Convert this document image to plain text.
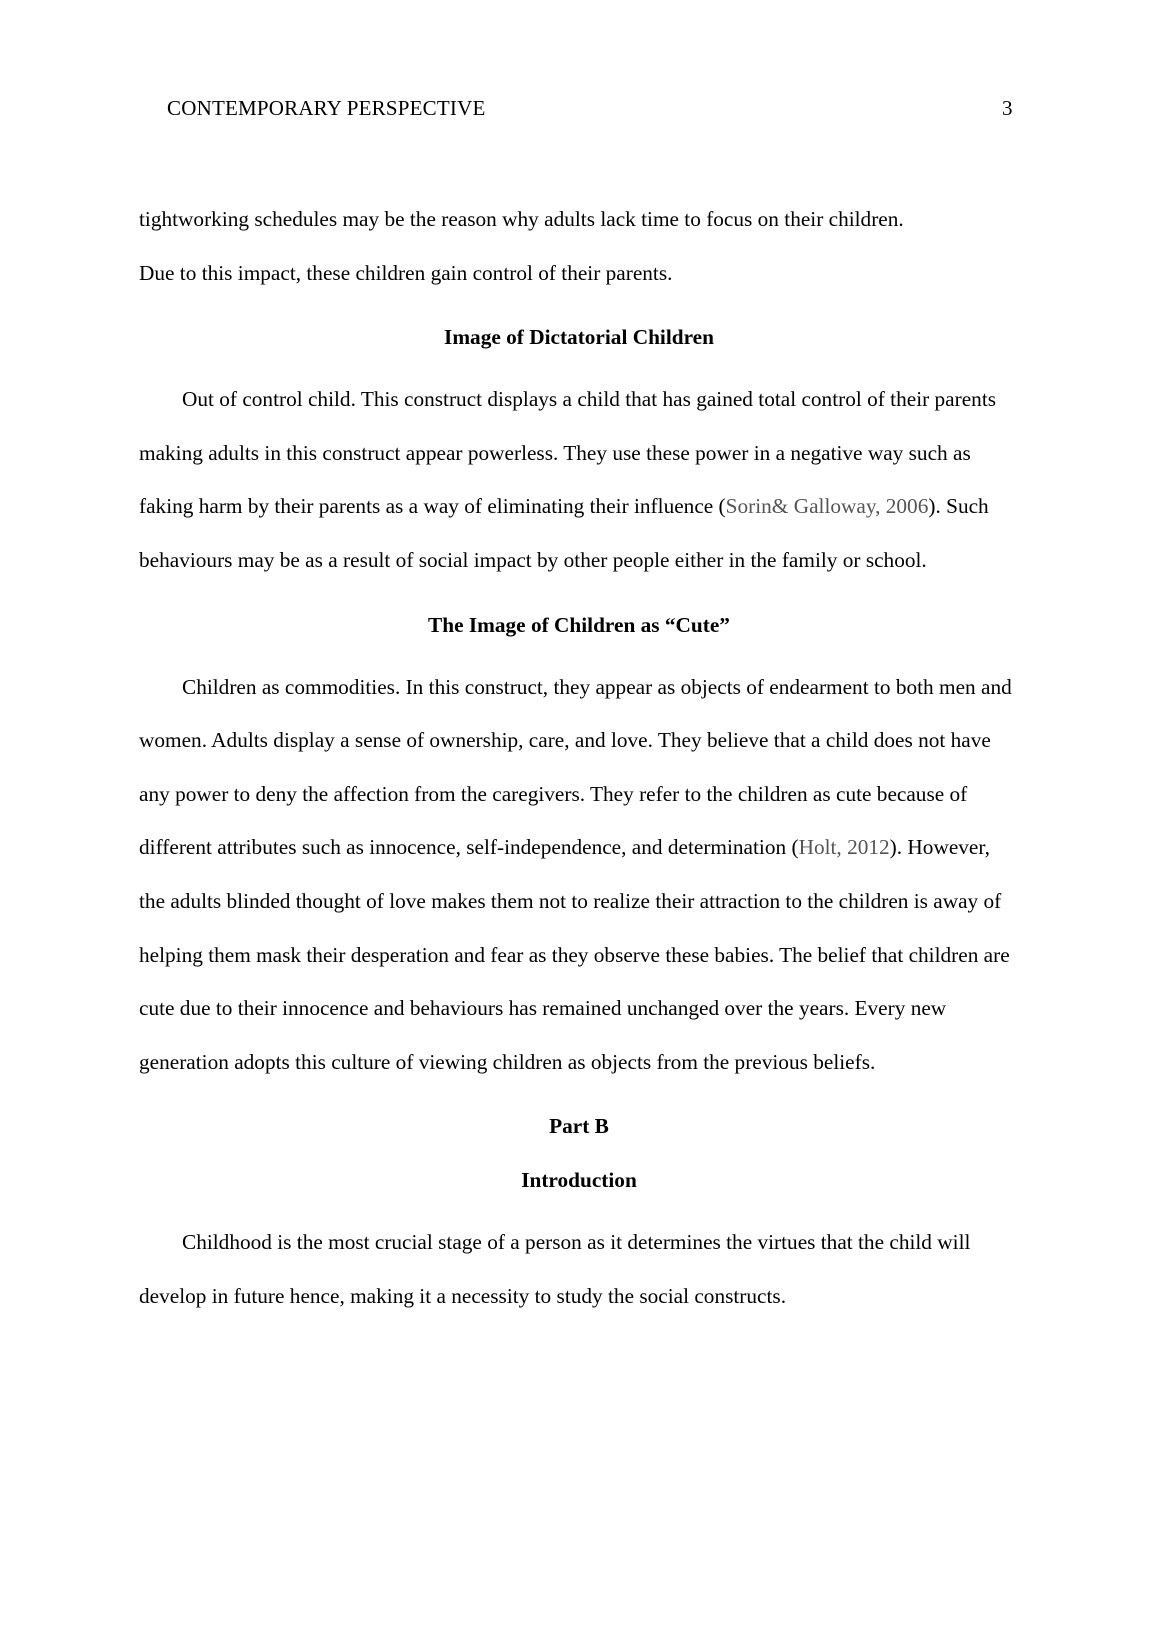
CONTEMPORARY PERSPECTIVE	3

tightworking schedules may be the reason why adults lack time to focus on their children.

Due to this impact, these children gain control of their parents.

Image of Dictatorial Children

Out of control child. This construct displays a child that has gained total control of their parents making adults in this construct appear powerless. They use these power in a negative way such as faking harm by their parents as a way of eliminating their influence (Sorin& Galloway, 2006). Such behaviours may be as a result of social impact by other people either in the family or school.

The Image of Children as “Cute”

Children as commodities. In this construct, they appear as objects of endearment to both men and women. Adults display a sense of ownership, care, and love. They believe that a child does not have any power to deny the affection from the caregivers. They refer to the children as cute because of different attributes such as innocence, self-independence, and determination (Holt, 2012). However, the adults blinded thought of love makes them not to realize their attraction to the children is away of helping them mask their desperation and fear as they observe these babies. The belief that children are cute due to their innocence and behaviours has remained unchanged over the years. Every new generation adopts this culture of viewing children as objects from the previous beliefs.

Part B
Introduction

Childhood is the most crucial stage of a person as it determines the virtues that the child will develop in future hence, making it a necessity to study the social constructs.
